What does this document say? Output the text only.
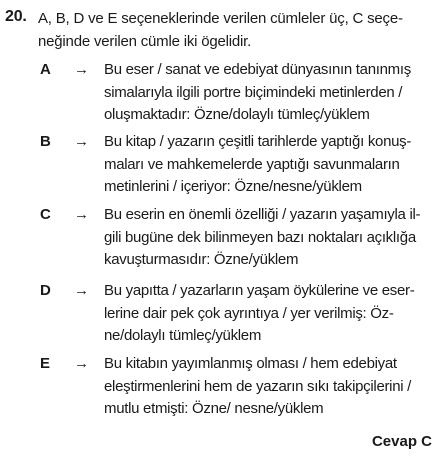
20. A, B, D ve E seçeneklerinde verilen cümleler üç, C seçe-
neğinde verilen cümle iki ögelidir.

A → Bu eser / sanat ve edebiyat dünyasının tanınmış
simalarıyla ilgili portre biçimindeki metinlerden /
oluşmaktadır: Özne/dolaylı tümleç/yüklem

B → Bu kitap / yazarın çeşitli tarihlerde yaptığı konuş-
maları ve mahkemelerde yaptığı savunmaların
metinlerini / içeriyor: Özne/nesne/yüklem

C → Bu eserin en önemli özelliği / yazarın yaşamıyla il-
gili bugüne dek bilinmeyen bazı noktaları açıklığa
kavuşturmasıdır: Özne/yüklem

D → Bu yapıtta / yazarların yaşam öykülerine ve eser-
lerine dair pek çok ayrıntıya / yer verilmiş: Öz-
ne/dolaylı tümleç/yüklem

E → Bu kitabın yayımlanmış olması / hem edebiyat
eleştirmenlerini hem de yazarın sıkı takipçilerini /
mutlu etmişti: Özne/ nesne/yüklem

Cevap C
